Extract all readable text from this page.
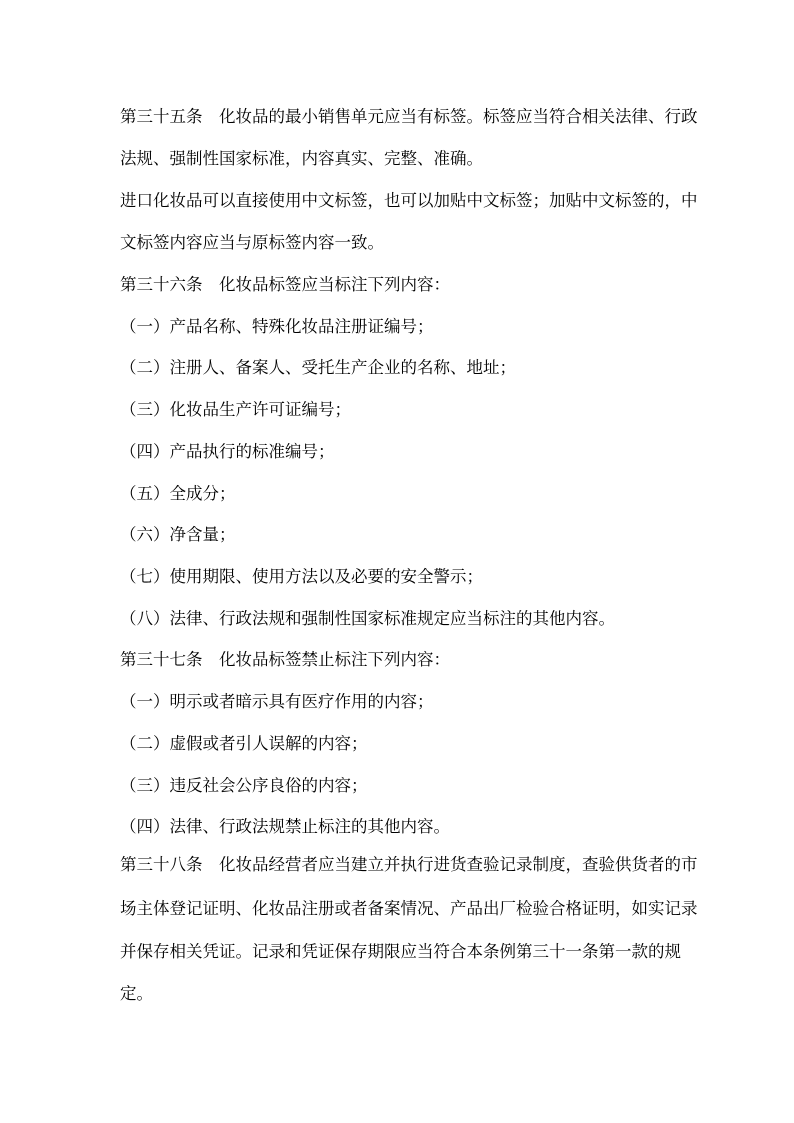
第三十五条　化妆品的最小销售单元应当有标签。标签应当符合相关法律、行政
法规、强制性国家标准，内容真实、完整、准确。
进口化妆品可以直接使用中文标签，也可以加贴中文标签；加贴中文标签的，中
文标签内容应当与原标签内容一致。
第三十六条　化妆品标签应当标注下列内容：
（一）产品名称、特殊化妆品注册证编号；
（二）注册人、备案人、受托生产企业的名称、地址；
（三）化妆品生产许可证编号；
（四）产品执行的标准编号；
（五）全成分；
（六）净含量；
（七）使用期限、使用方法以及必要的安全警示；
（八）法律、行政法规和强制性国家标准规定应当标注的其他内容。
第三十七条　化妆品标签禁止标注下列内容：
（一）明示或者暗示具有医疗作用的内容；
（二）虚假或者引人误解的内容；
（三）违反社会公序良俗的内容；
（四）法律、行政法规禁止标注的其他内容。
第三十八条　化妆品经营者应当建立并执行进货查验记录制度，查验供货者的市
场主体登记证明、化妆品注册或者备案情况、产品出厂检验合格证明，如实记录
并保存相关凭证。记录和凭证保存期限应当符合本条例第三十一条第一款的规
定。
